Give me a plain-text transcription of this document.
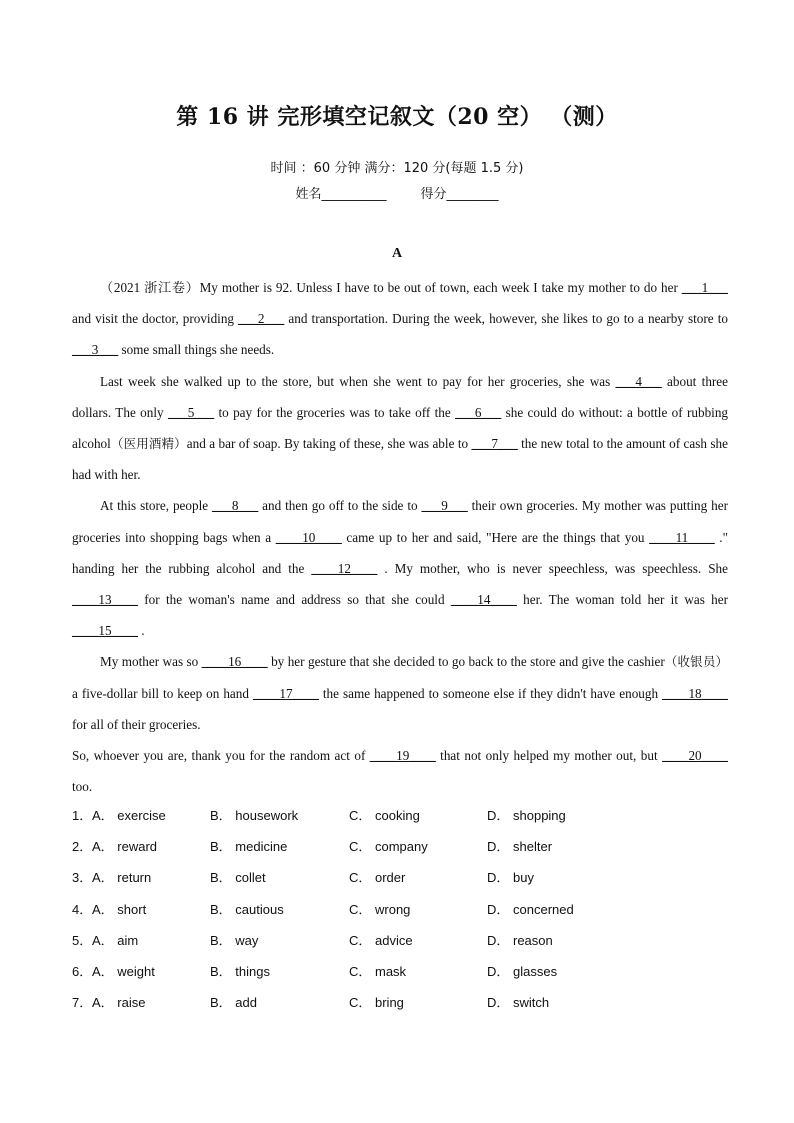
第 16 讲 完形填空记叙文（20 空） （测）
时间 ：60 分钟 满分：120 分(每题 1.5 分)
姓名__________	得分________
A

（2021 浙江卷）My mother is 92. Unless I have to be out of town, each week I take my mother to do her ___1___ and visit the doctor, providing ___2___ and transportation. During the week, however, she likes to go to a nearby store to ___3___ some small things she needs.

Last week she walked up to the store, but when she went to pay for her groceries, she was ___4___ about three dollars. The only ___5___ to pay for the groceries was to take off the ___6___ she could do without: a bottle of rubbing alcohol（医用酒精）and a bar of soap. By taking of these, she was able to ___7___ the new total to the amount of cash she had with her.

At this store, people ___8___ and then go off to the side to ___9___ their own groceries. My mother was putting her groceries into shopping bags when a ____10____ came up to her and said, "Here are the things that you ____11____ ." handing her the rubbing alcohol and the ____12____ . My mother, who is never speechless, was speechless. She ____13____ for the woman's name and address so that she could ____14____ her. The woman told her it was her ____15____ .

My mother was so ____16____ by her gesture that she decided to go back to the store and give the cashier（收银员）a five-dollar bill to keep on hand ____17____ the same happened to someone else if they didn't have enough ____18____ for all of their groceries.

So, whoever you are, thank you for the random act of ____19____ that not only helped my mother out, but ____20____ too.

1． A． exercise	B． housework	C． cooking	D． shopping
2． A． reward	B． medicine	C． company	D． shelter
3． A． return	B． collet	C． order	D． buy
4． A． short	B． cautious	C． wrong	D． concerned
5． A． aim	B． way	C． advice	D． reason
6． A． weight	B． things	C． mask	D． glasses
7． A． raise	B． add	C． bring	D． switch
